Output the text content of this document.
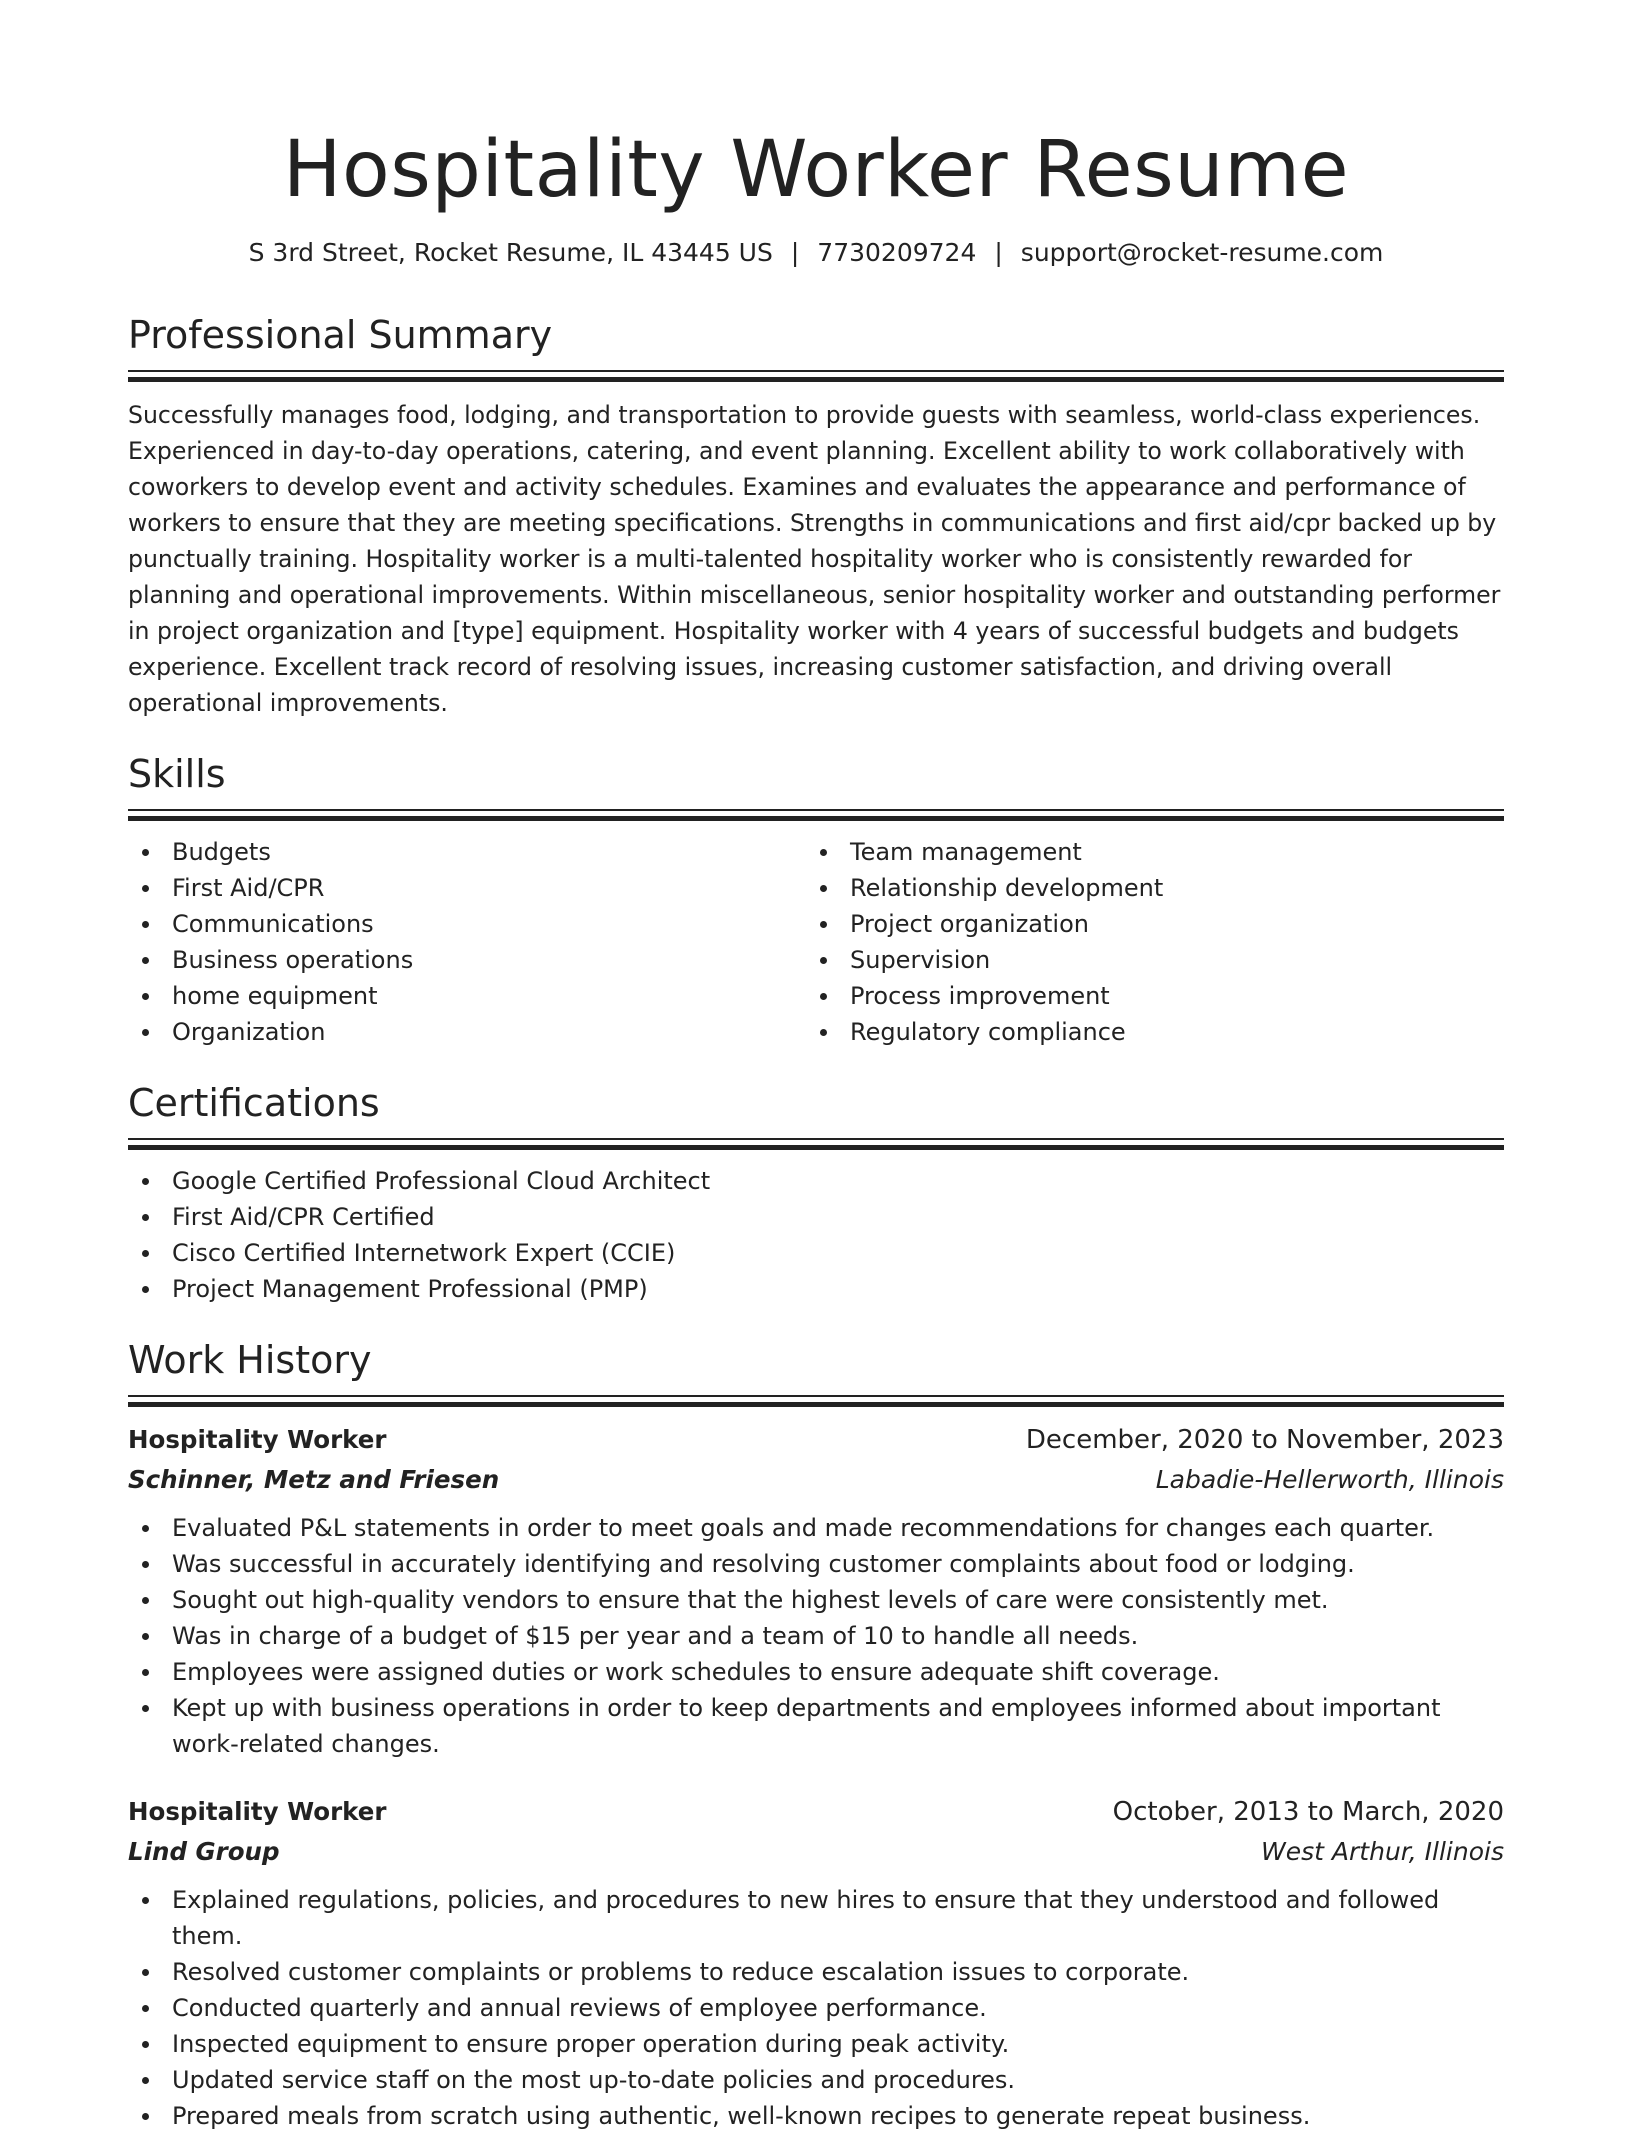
Hospitality Worker Resume
S 3rd Street, Rocket Resume, IL 43445 US | 7730209724 | support@rocket-resume.com
Professional Summary
Successfully manages food, lodging, and transportation to provide guests with seamless, world-class experiences. Experienced in day-to-day operations, catering, and event planning. Excellent ability to work collaboratively with coworkers to develop event and activity schedules. Examines and evaluates the appearance and performance of workers to ensure that they are meeting specifications. Strengths in communications and first aid/cpr backed up by punctually training. Hospitality worker is a multi-talented hospitality worker who is consistently rewarded for planning and operational improvements. Within miscellaneous, senior hospitality worker and outstanding performer in project organization and [type] equipment. Hospitality worker with 4 years of successful budgets and budgets experience. Excellent track record of resolving issues, increasing customer satisfaction, and driving overall operational improvements.
Skills
Budgets
First Aid/CPR
Communications
Business operations
home equipment
Organization
Team management
Relationship development
Project organization
Supervision
Process improvement
Regulatory compliance
Certifications
Google Certified Professional Cloud Architect
First Aid/CPR Certified
Cisco Certified Internetwork Expert (CCIE)
Project Management Professional (PMP)
Work History
Hospitality Worker	December, 2020 to November, 2023
Schinner, Metz and Friesen	Labadie-Hellerworth, Illinois
Evaluated P&L statements in order to meet goals and made recommendations for changes each quarter.
Was successful in accurately identifying and resolving customer complaints about food or lodging.
Sought out high-quality vendors to ensure that the highest levels of care were consistently met.
Was in charge of a budget of $15 per year and a team of 10 to handle all needs.
Employees were assigned duties or work schedules to ensure adequate shift coverage.
Kept up with business operations in order to keep departments and employees informed about important work-related changes.
Hospitality Worker	October, 2013 to March, 2020
Lind Group	West Arthur, Illinois
Explained regulations, policies, and procedures to new hires to ensure that they understood and followed them.
Resolved customer complaints or problems to reduce escalation issues to corporate.
Conducted quarterly and annual reviews of employee performance.
Inspected equipment to ensure proper operation during peak activity.
Updated service staff on the most up-to-date policies and procedures.
Prepared meals from scratch using authentic, well-known recipes to generate repeat business.
